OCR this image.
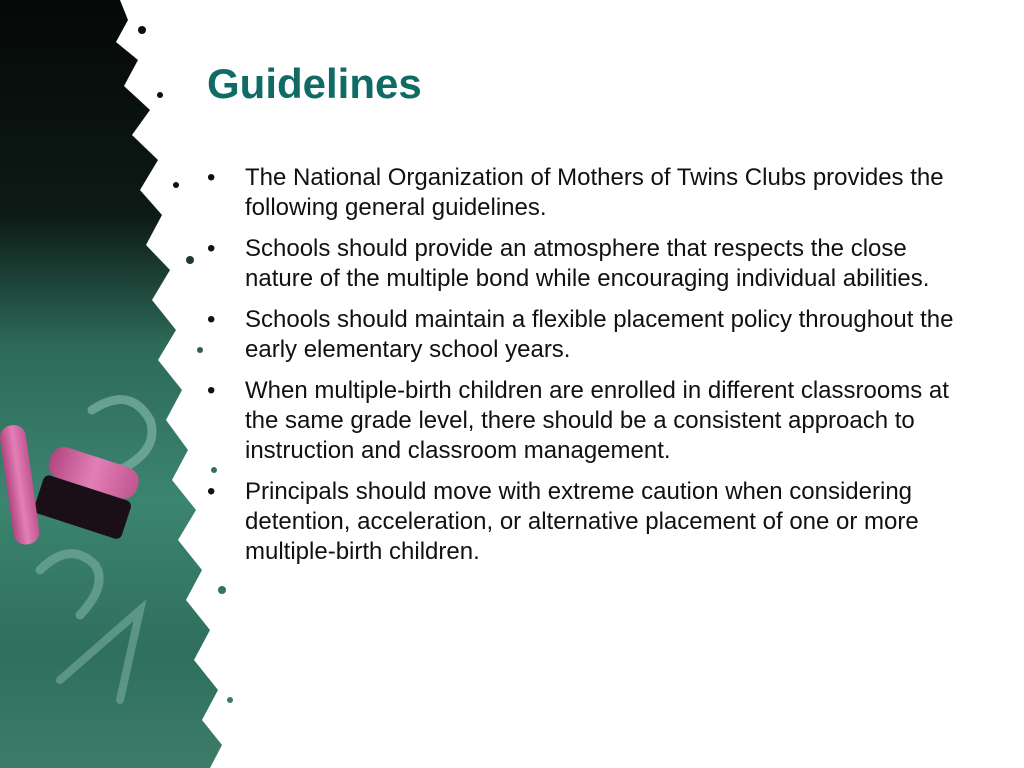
Guidelines
• The National Organization of Mothers of Twins Clubs provides the following general guidelines.
• Schools should provide an atmosphere that respects the close nature of the multiple bond while encouraging individual abilities.
• Schools should maintain a flexible placement policy throughout the early elementary school years.
• When multiple-birth children are enrolled in different classrooms at the same grade level, there should be a consistent approach to instruction and classroom management.
• Principals should move with extreme caution when considering detention, acceleration, or alternative placement of one or more multiple-birth children.
